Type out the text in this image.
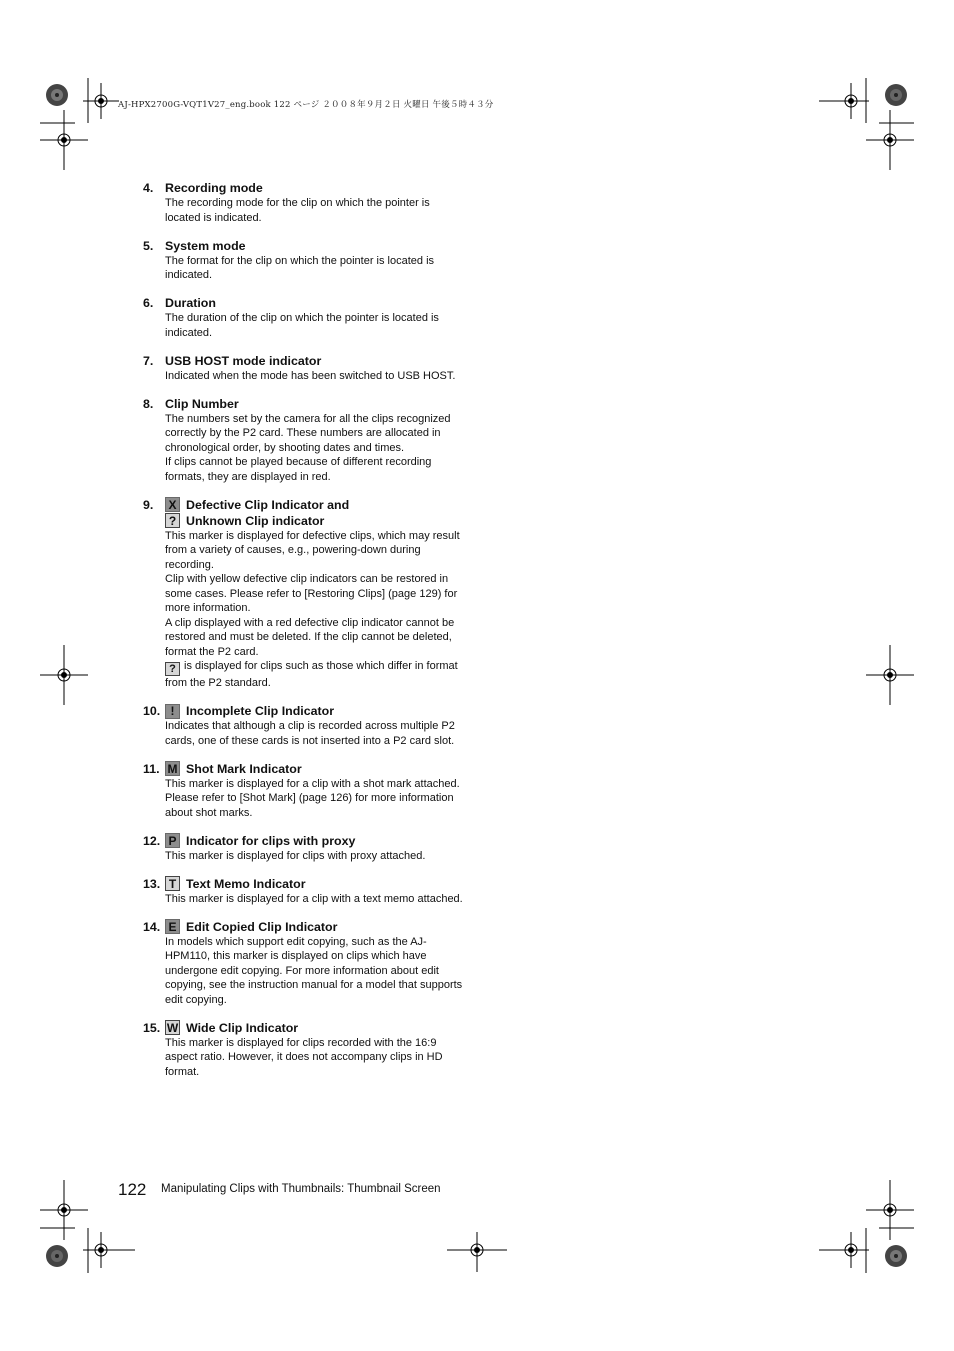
AJ-HPX2700G-VQT1V27_eng.book 122 ページ ２００８年９月２日 火曜日 午後５時４３分
4. Recording mode

The recording mode for the clip on which the pointer is located is indicated.

5. System mode

The format for the clip on which the pointer is located is indicated.

6. Duration

The duration of the clip on which the pointer is located is indicated.

7. USB HOST mode indicator

Indicated when the mode has been switched to USB HOST.

8. Clip Number

The numbers set by the camera for all the clips recognized correctly by the P2 card. These numbers are allocated in chronological order, by shooting dates and times.

If clips cannot be played because of different recording formats, they are displayed in red.

9.	X Defective Clip Indicator and
? Unknown Clip indicator

This marker is displayed for defective clips, which may result from a variety of causes, e.g., powering-down during recording.

Clip with yellow defective clip indicators can be restored in some cases. Please refer to [Restoring Clips] (page 129) for more information.

A clip displayed with a red defective clip indicator cannot be restored and must be deleted. If the clip cannot be deleted, format the P2 card.

? is displayed for clips such as those which differ in format from the P2 standard.

10. ! Incomplete Clip Indicator

Indicates that although a clip is recorded across multiple P2 cards, one of these cards is not inserted into a P2 card slot.

11. M Shot Mark Indicator

This marker is displayed for a clip with a shot mark attached. Please refer to [Shot Mark] (page 126) for more information about shot marks.

12. P Indicator for clips with proxy

This marker is displayed for clips with proxy attached.

13. T Text Memo Indicator

This marker is displayed for a clip with a text memo attached.

14. E Edit Copied Clip Indicator

In models which support edit copying, such as the AJ-HPM110, this marker is displayed on clips which have undergone edit copying. For more information about edit copying, see the instruction manual for a model that supports edit copying.

15. W Wide Clip Indicator

This marker is displayed for clips recorded with the 16:9 aspect ratio. However, it does not accompany clips in HD format.

122 Manipulating Clips with Thumbnails: Thumbnail Screen
